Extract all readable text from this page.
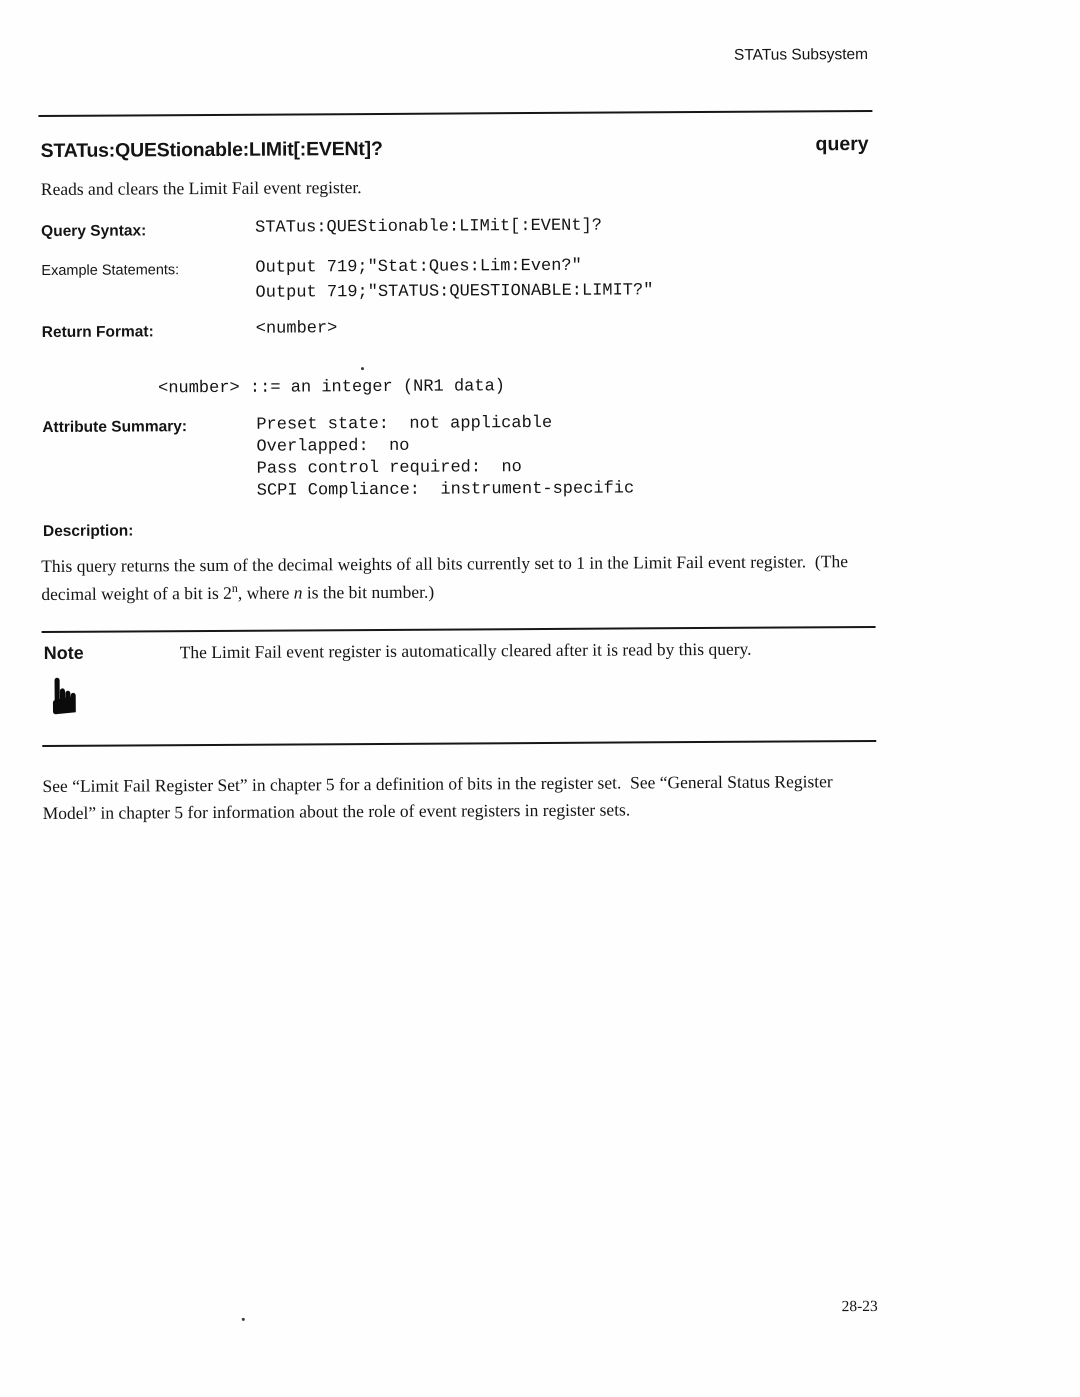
STATus Subsystem
STATus:QUEStionable:LIMit[:EVENt]?	query
Reads and clears the Limit Fail event register.
Query Syntax:	STATus:QUEStionable:LIMit[:EVENt]?
Example Statements:	Output 719;"Stat:Ques:Lim:Even?"
Output 719;"STATUS:QUESTIONABLE:LIMIT?"
Return Format:	<number>
<number> ::= an integer (NR1 data)
Attribute Summary:	Preset state:  not applicable
Overlapped:  no
Pass control required:  no
SCPI Compliance:  instrument-specific
Description:
This query returns the sum of the decimal weights of all bits currently set to 1 in the Limit Fail event register.  (The decimal weight of a bit is 2$^n$, where n is the bit number.)
Note	The Limit Fail event register is automatically cleared after it is read by this query.
☛
See “Limit Fail Register Set” in chapter 5 for a definition of bits in the register set.  See “General Status Register Model” in chapter 5 for information about the role of event registers in register sets.
28-23
